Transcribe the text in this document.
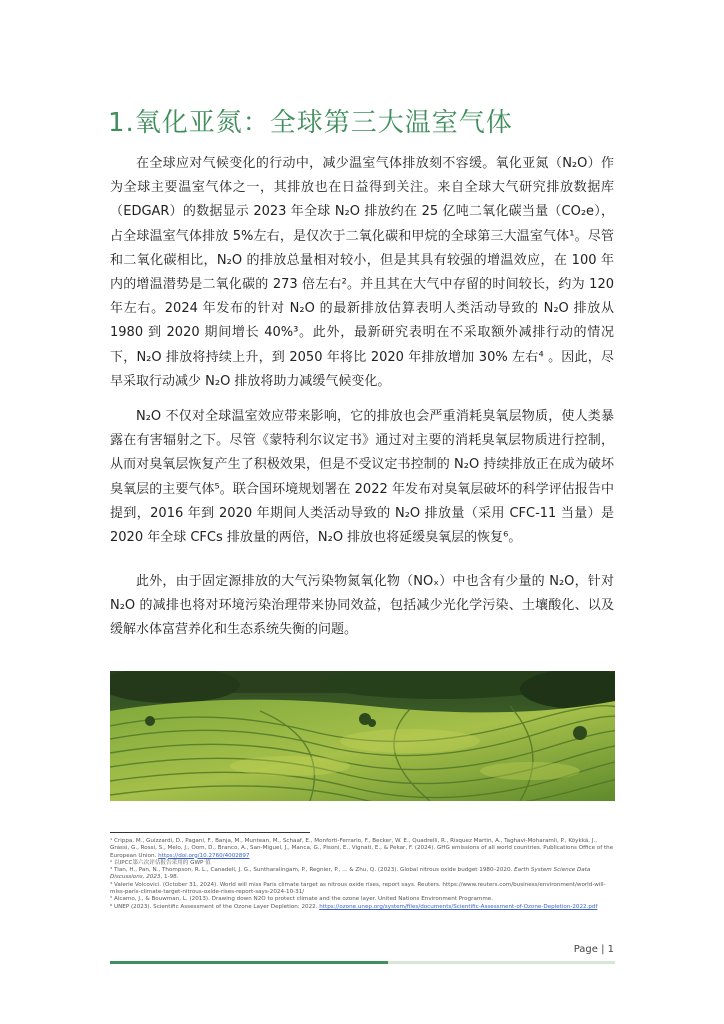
1.氧化亚氮：全球第三大温室气体

在全球应对气候变化的行动中，减少温室气体排放刻不容缓。氧化亚氮（N₂O）作为全球主要温室气体之一，其排放也在日益得到关注。来自全球大气研究排放数据库（EDGAR）的数据显示 2023 年全球 N₂O 排放约在 25 亿吨二氧化碳当量（CO₂e），占全球温室气体排放 5%左右，是仅次于二氧化碳和甲烷的全球第三大温室气体¹。尽管和二氧化碳相比，N₂O 的排放总量相对较小，但是其具有较强的增温效应，在 100 年内的增温潜势是二氧化碳的 273 倍左右²。并且其在大气中存留的时间较长，约为 120 年左右。2024 年发布的针对 N₂O 的最新排放估算表明人类活动导致的 N₂O 排放从 1980 到 2020 期间增长 40%³。此外，最新研究表明在不采取额外减排行动的情况下，N₂O 排放将持续上升，到 2050 年将比 2020 年排放增加 30% 左右⁴ 。因此，尽早采取行动减少 N₂O 排放将助力减缓气候变化。

N₂O 不仅对全球温室效应带来影响，它的排放也会严重消耗臭氧层物质，使人类暴露在有害辐射之下。尽管《蒙特利尔议定书》通过对主要的消耗臭氧层物质进行控制，从而对臭氧层恢复产生了积极效果，但是不受议定书控制的 N₂O 持续排放正在成为破坏臭氧层的主要气体⁵。联合国环境规划署在 2022 年发布对臭氧层破坏的科学评估报告中提到，2016 年到 2020 年期间人类活动导致的 N₂O 排放量（采用 CFC-11 当量）是 2020 年全球 CFCs 排放量的两倍，N₂O 排放也将延缓臭氧层的恢复⁶。

此外，由于固定源排放的大气污染物氮氧化物（NOₓ）中也含有少量的 N₂O，针对 N₂O 的减排也将对环境污染治理带来协同效益，包括减少光化学污染、土壤酸化、以及缓解水体富营养化和生态系统失衡的问题。

¹ Crippa, M., Guizzardi, D., Pagani, F., Banja, M., Muntean, M., Schaaf, E., Monforti-Ferrario, F., Becker, W. E., Quadrelli, R., Risquez Martin, A., Taghavi-Moharamli, P., Köykkä, J., Grassi, G., Rossi, S., Melo, J., Oom, D., Branco, A., San-Miguel, J., Manca, G., Pisoni, E., Vignati, E., & Pekar, F. (2024). GHG emissions of all world countries. Publications Office of the European Union. https://doi.org/10.2760/4002897

² 以IPCC第六次评估报告采用的 GWP 值

³ Tian, H., Pan, N., Thompson, R. L., Canadell, J. G., Suntharalingam, P., Regnier, P., ... & Zhu, Q. (2023). Global nitrous oxide budget 1980–2020. Earth System Science Data Discussions, 2023, 1-98.

⁴ Valerie Volcovici. (October 31, 2024). World will miss Paris climate target as nitrous oxide rises, report says. Reuters. https://www.reuters.com/business/environment/world-will-miss-paris-climate-target-nitrous-oxide-rises-report-says-2024-10-31/

⁵ Alcamo, J., & Bouwman, L. (2013). Drawing down N2O to protect climate and the ozone layer. United Nations Environment Programme.

⁶ UNEP (2023). Scientific Assessment of the Ozone Layer Depletion: 2022. https://ozone.unep.org/system/files/documents/Scientific-Assessment-of-Ozone-Depletion-2022.pdf

Page | 1
